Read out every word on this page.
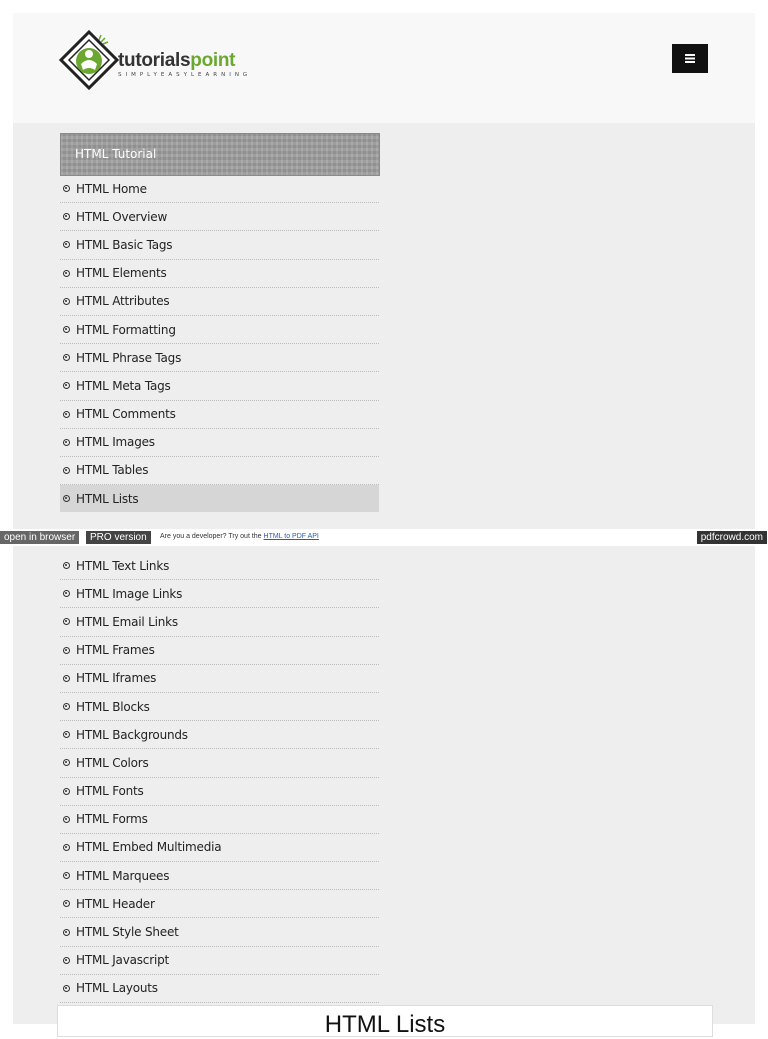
tutorialspoint
SIMPLYEASYLEARNING
HTML Tutorial
HTML Home
HTML Overview
HTML Basic Tags
HTML Elements
HTML Attributes
HTML Formatting
HTML Phrase Tags
HTML Meta Tags
HTML Comments
HTML Images
HTML Tables
HTML Lists
open in browser	PRO version	Are you a developer? Try out the HTML to PDF API	pdfcrowd.com
HTML Text Links
HTML Image Links
HTML Email Links
HTML Frames
HTML Iframes
HTML Blocks
HTML Backgrounds
HTML Colors
HTML Fonts
HTML Forms
HTML Embed Multimedia
HTML Marquees
HTML Header
HTML Style Sheet
HTML Javascript
HTML Layouts
HTML Lists
